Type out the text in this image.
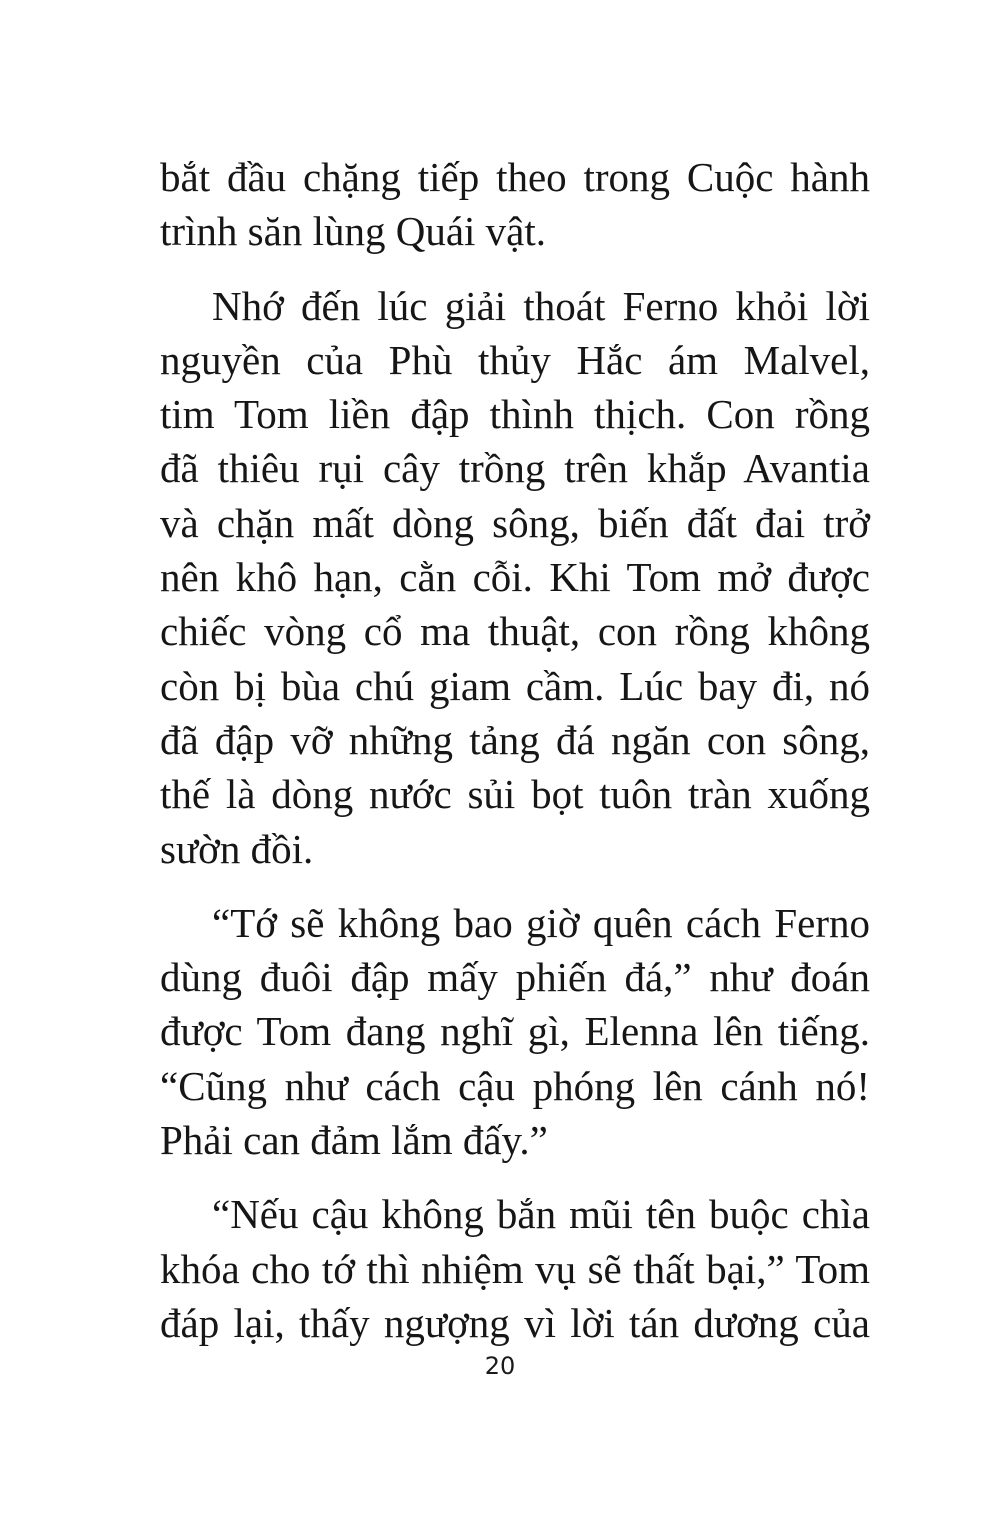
bắt đầu chặng tiếp theo trong Cuộc hành
trình săn lùng Quái vật.
Nhớ đến lúc giải thoát Ferno khỏi lời
nguyền của Phù thủy Hắc ám Malvel,
tim Tom liền đập thình thịch. Con rồng
đã thiêu rụi cây trồng trên khắp Avantia
và chặn mất dòng sông, biến đất đai trở
nên khô hạn, cằn cỗi. Khi Tom mở được
chiếc vòng cổ ma thuật, con rồng không
còn bị bùa chú giam cầm. Lúc bay đi, nó
đã đập vỡ những tảng đá ngăn con sông,
thế là dòng nước sủi bọt tuôn tràn xuống
sườn đồi.
“Tớ sẽ không bao giờ quên cách Ferno
dùng đuôi đập mấy phiến đá,” như đoán
được Tom đang nghĩ gì, Elenna lên tiếng.
“Cũng như cách cậu phóng lên cánh nó!
Phải can đảm lắm đấy.”
“Nếu cậu không bắn mũi tên buộc chìa
khóa cho tớ thì nhiệm vụ sẽ thất bại,” Tom
đáp lại, thấy ngượng vì lời tán dương của
20
